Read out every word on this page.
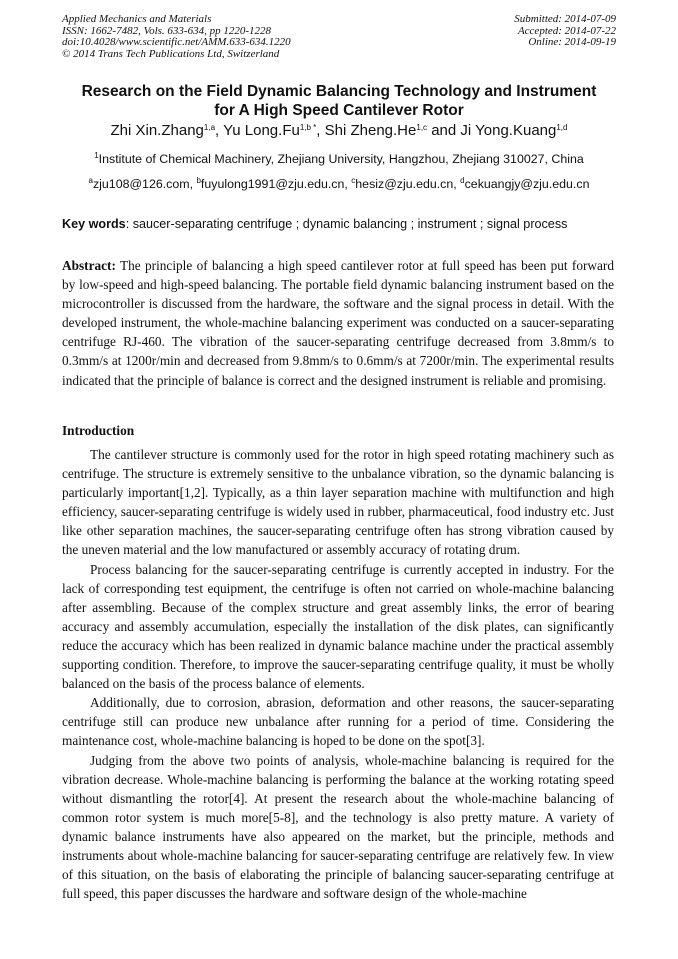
Applied Mechanics and Materials
ISSN: 1662-7482, Vols. 633-634, pp 1220-1228
doi:10.4028/www.scientific.net/AMM.633-634.1220
© 2014 Trans Tech Publications Ltd, Switzerland
Submitted: 2014-07-09
Accepted: 2014-07-22
Online: 2014-09-19
Research on the Field Dynamic Balancing Technology and Instrument
for A High Speed Cantilever Rotor
Zhi Xin.Zhang$^{1,a}$, Yu $Long.Fu^{1,b *}$, Shi Zheng.He$^{1,c}$ and Ji Yong.Kuang$^{1,d}$
$^1$Institute of Chemical Machinery, Zhejiang University, Hangzhou, Zhejiang 310027, China
$^a$zju108@126.com, $^b$fuyulong1991@zju.edu.cn, $^c$hesiz@zju.edu.cn, $^d$cekuangjy@zju.edu.cn
Key words: saucer-separating centrifuge ; dynamic balancing ; instrument ; signal process
Abstract: The principle of balancing a high speed cantilever rotor at full speed has been put forward by low-speed and high-speed balancing. The portable field dynamic balancing instrument based on the microcontroller is discussed from the hardware, the software and the signal process in detail. With the developed instrument, the whole-machine balancing experiment was conducted on a saucer-separating centrifuge RJ-460. The vibration of the saucer-separating centrifuge decreased from 3.8mm/s to 0.3mm/s at 1200r/min and decreased from 9.8mm/s to 0.6mm/s at 7200r/min. The experimental results indicated that the principle of balance is correct and the designed instrument is reliable and promising.
Introduction

The cantilever structure is commonly used for the rotor in high speed rotating machinery such as centrifuge. The structure is extremely sensitive to the unbalance vibration, so the dynamic balancing is particularly important[1,2]. Typically, as a thin layer separation machine with multifunction and high efficiency, saucer-separating centrifuge is widely used in rubber, pharmaceutical, food industry etc. Just like other separation machines, the saucer-separating centrifuge often has strong vibration caused by the uneven material and the low manufactured or assembly accuracy of rotating drum.

Process balancing for the saucer-separating centrifuge is currently accepted in industry. For the lack of corresponding test equipment, the centrifuge is often not carried on whole-machine balancing after assembling. Because of the complex structure and great assembly links, the error of bearing accuracy and assembly accumulation, especially the installation of the disk plates, can significantly reduce the accuracy which has been realized in dynamic balance machine under the practical assembly supporting condition. Therefore, to improve the saucer-separating centrifuge quality, it must be wholly balanced on the basis of the process balance of elements.

Additionally, due to corrosion, abrasion, deformation and other reasons, the saucer-separating centrifuge still can produce new unbalance after running for a period of time. Considering the maintenance cost, whole-machine balancing is hoped to be done on the spot[3].

Judging from the above two points of analysis, whole-machine balancing is required for the vibration decrease. Whole-machine balancing is performing the balance at the working rotating speed without dismantling the rotor[4]. At present the research about the whole-machine balancing of common rotor system is much more[5-8], and the technology is also pretty mature. A variety of dynamic balance instruments have also appeared on the market, but the principle, methods and instruments about whole-machine balancing for saucer-separating centrifuge are relatively few. In view of this situation, on the basis of elaborating the principle of balancing saucer-separating centrifuge at full speed, this paper discusses the hardware and software design of the whole-machine
